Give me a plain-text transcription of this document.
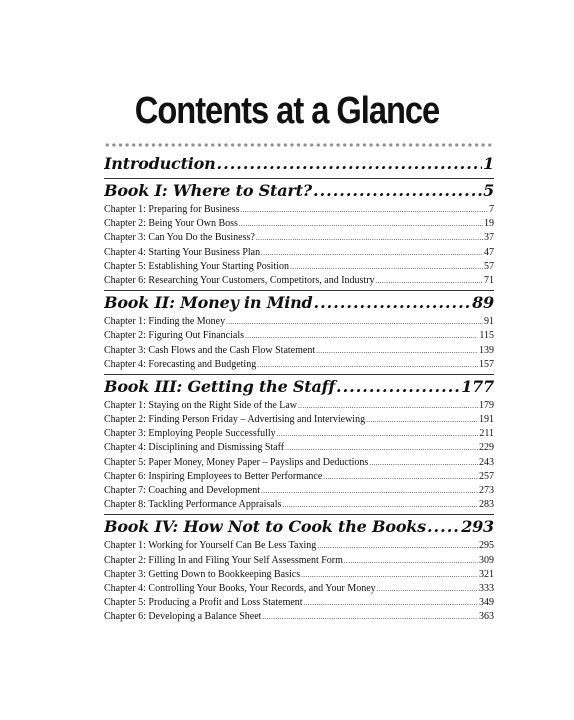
Contents at a Glance
Introduction .....	1
Book I: Where to Start? .....	5
Chapter 1: Preparing for Business .....	7
Chapter 2: Being Your Own Boss .....	19
Chapter 3: Can You Do the Business? .....	37
Chapter 4: Starting Your Business Plan .....	47
Chapter 5: Establishing Your Starting Position .....	57
Chapter 6: Researching Your Customers, Competitors, and Industry .....	71
Book II: Money in Mind .....	89
Chapter 1: Finding the Money .....	91
Chapter 2: Figuring Out Financials .....	115
Chapter 3: Cash Flows and the Cash Flow Statement .....	139
Chapter 4: Forecasting and Budgeting .....	157
Book III: Getting the Staff .....	177
Chapter 1: Staying on the Right Side of the Law .....	179
Chapter 2: Finding Person Friday – Advertising and Interviewing .....	191
Chapter 3: Employing People Successfully .....	211
Chapter 4: Disciplining and Dismissing Staff .....	229
Chapter 5: Paper Money, Money Paper – Payslips and Deductions .....	243
Chapter 6: Inspiring Employees to Better Performance .....	257
Chapter 7: Coaching and Development .....	273
Chapter 8: Tackling Performance Appraisals .....	283
Book IV: How Not to Cook the Books ..... 293
Chapter 1: Working for Yourself Can Be Less Taxing .....	295
Chapter 2: Filling In and Filing Your Self Assessment Form .....	309
Chapter 3: Getting Down to Bookkeeping Basics .....	321
Chapter 4: Controlling Your Books, Your Records, and Your Money .....	333
Chapter 5: Producing a Profit and Loss Statement .....	349
Chapter 6: Developing a Balance Sheet .....	363
